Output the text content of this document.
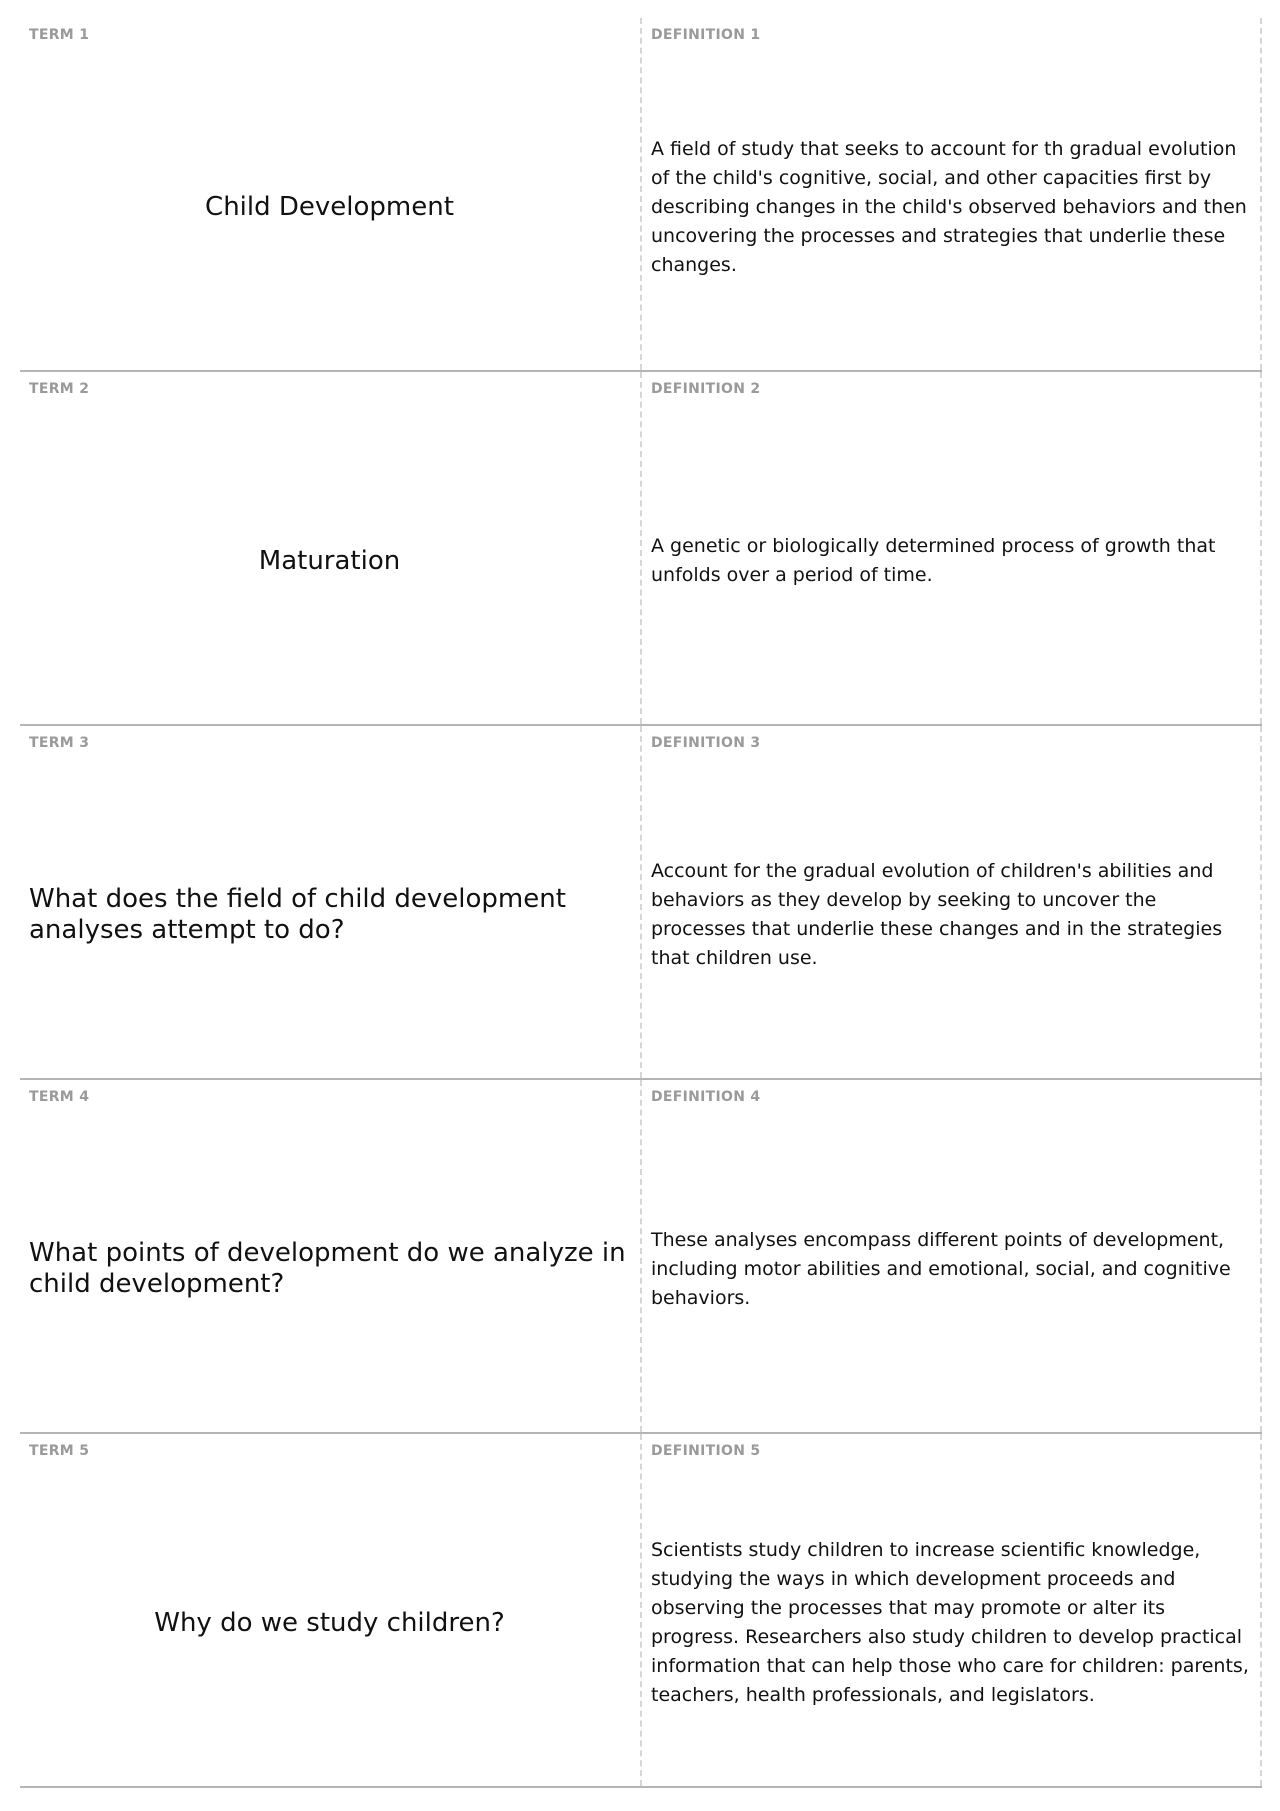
TERM 1
Child Development
DEFINITION 1
A field of study that seeks to account for th gradual evolution of the child's cognitive, social, and other capacities first by describing changes in the child's observed behaviors and then uncovering the processes and strategies that underlie these changes.
TERM 2
Maturation
DEFINITION 2
A genetic or biologically determined process of growth that unfolds over a period of time.
TERM 3
What does the field of child development analyses attempt to do?
DEFINITION 3
Account for the gradual evolution of children's abilities and behaviors as they develop by seeking to uncover the processes that underlie these changes and in the strategies that children use.
TERM 4
What points of development do we analyze in child development?
DEFINITION 4
These analyses encompass different points of development, including motor abilities and emotional, social, and cognitive behaviors.
TERM 5
Why do we study children?
DEFINITION 5
Scientists study children to increase scientific knowledge, studying the ways in which development proceeds and observing the processes that may promote or alter its progress. Researchers also study children to develop practical information that can help those who care for children: parents, teachers, health professionals, and legislators.
